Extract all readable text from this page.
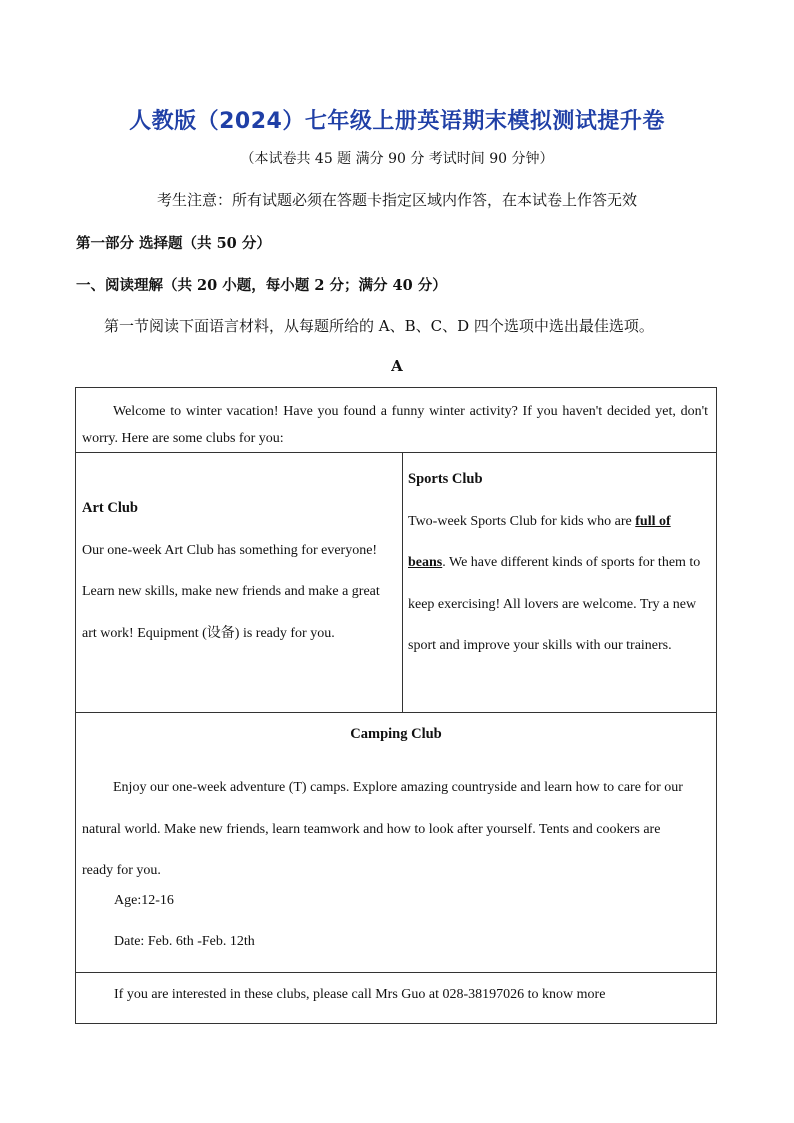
人教版（2024）七年级上册英语期末模拟测试提升卷
（本试卷共 45 题 满分 90 分 考试时间 90 分钟）
考生注意：所有试题必须在答题卡指定区域内作答，在本试卷上作答无效
第一部分 选择题（共 50 分）
一、阅读理解（共 20 小题，每小题 2 分；满分 40 分）
第一节阅读下面语言材料，从每题所给的 A、B、C、D 四个选项中选出最佳选项。
A
Welcome to winter vacation! Have you found a funny winter activity? If you haven't decided yet, don't worry. Here are some clubs for you:
Art Club
Our one-week Art Club has something for everyone! Learn new skills, make new friends and make a great art work! Equipment (设备) is ready for you.
Sports Club
Two-week Sports Club for kids who are full of beans. We have different kinds of sports for them to keep exercising! All lovers are welcome. Try a new sport and improve your skills with our trainers.
Camping Club
Enjoy our one-week adventure (T) camps. Explore amazing countryside and learn how to care for our natural world. Make new friends, learn teamwork and how to look after yourself. Tents and cookers are ready for you.
Age:12-16
Date: Feb. 6th -Feb. 12th
If you are interested in these clubs, please call Mrs Guo at 028-38197026 to know more
